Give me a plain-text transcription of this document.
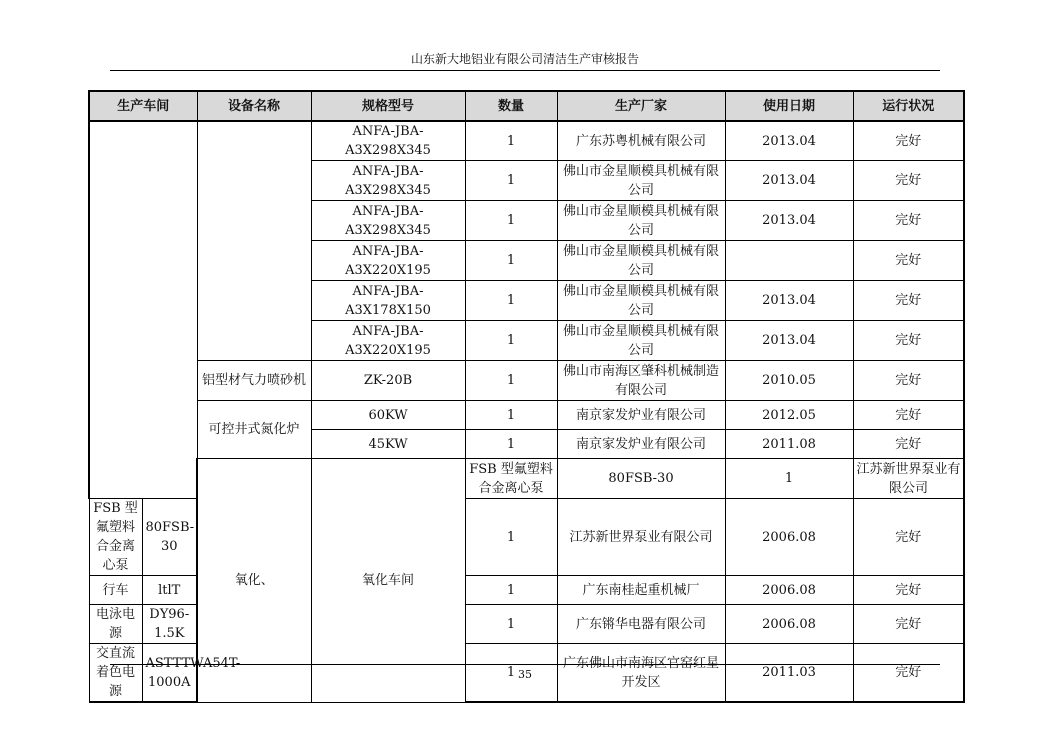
山东新大地铝业有限公司清洁生产审核报告
生产车间		设备名称	规格型号	数量	生产厂家	使用日期	运行状况	
			ANFA-JBA-A3X298X345	1	广东苏粤机械有限公司	2013.04	完好	
			ANFA-JBA-A3X298X345	1	佛山市金星顺模具机械有限公司	2013.04	完好	
			ANFA-JBA-A3X298X345	1	佛山市金星顺模具机械有限公司	2013.04	完好	
			ANFA-JBA-A3X220X195	1	佛山市金星顺模具机械有限公司		完好	
			ANFA-JBA-A3X178X150	1	佛山市金星顺模具机械有限公司	2013.04	完好	
			ANFA-JBA-A3X220X195	1	佛山市金星顺模具机械有限公司	2013.04	完好	
		铝型材气力喷砂机	ZK-20B	1	佛山市南海区肇科机械制造有限公司	2010.05	完好	
		可控井式氮化炉	60KW	1	南京家发炉业有限公司	2012.05	完好	
			45KW	1	南京家发炉业有限公司	2011.08	完好	
		氧化、	氧化车间	FSB 型氟塑料合金离心泵	80FSB-30	1	江苏新世界泵业有限公司		
FSB 型氟塑料合金离心泵	80FSB-30			1	江苏新世界泵业有限公司	2006.08	完好	
行车	ltlT			1	广东南桂起重机械厂	2006.08	完好	
电泳电源	DY96-1.5K			1	广东锵华电器有限公司	2006.08	完好	
交直流着色电源	ASTTTWA54T-1000A			1	广东佛山市南海区官窑红星开发区	2011.03	完好	
35
